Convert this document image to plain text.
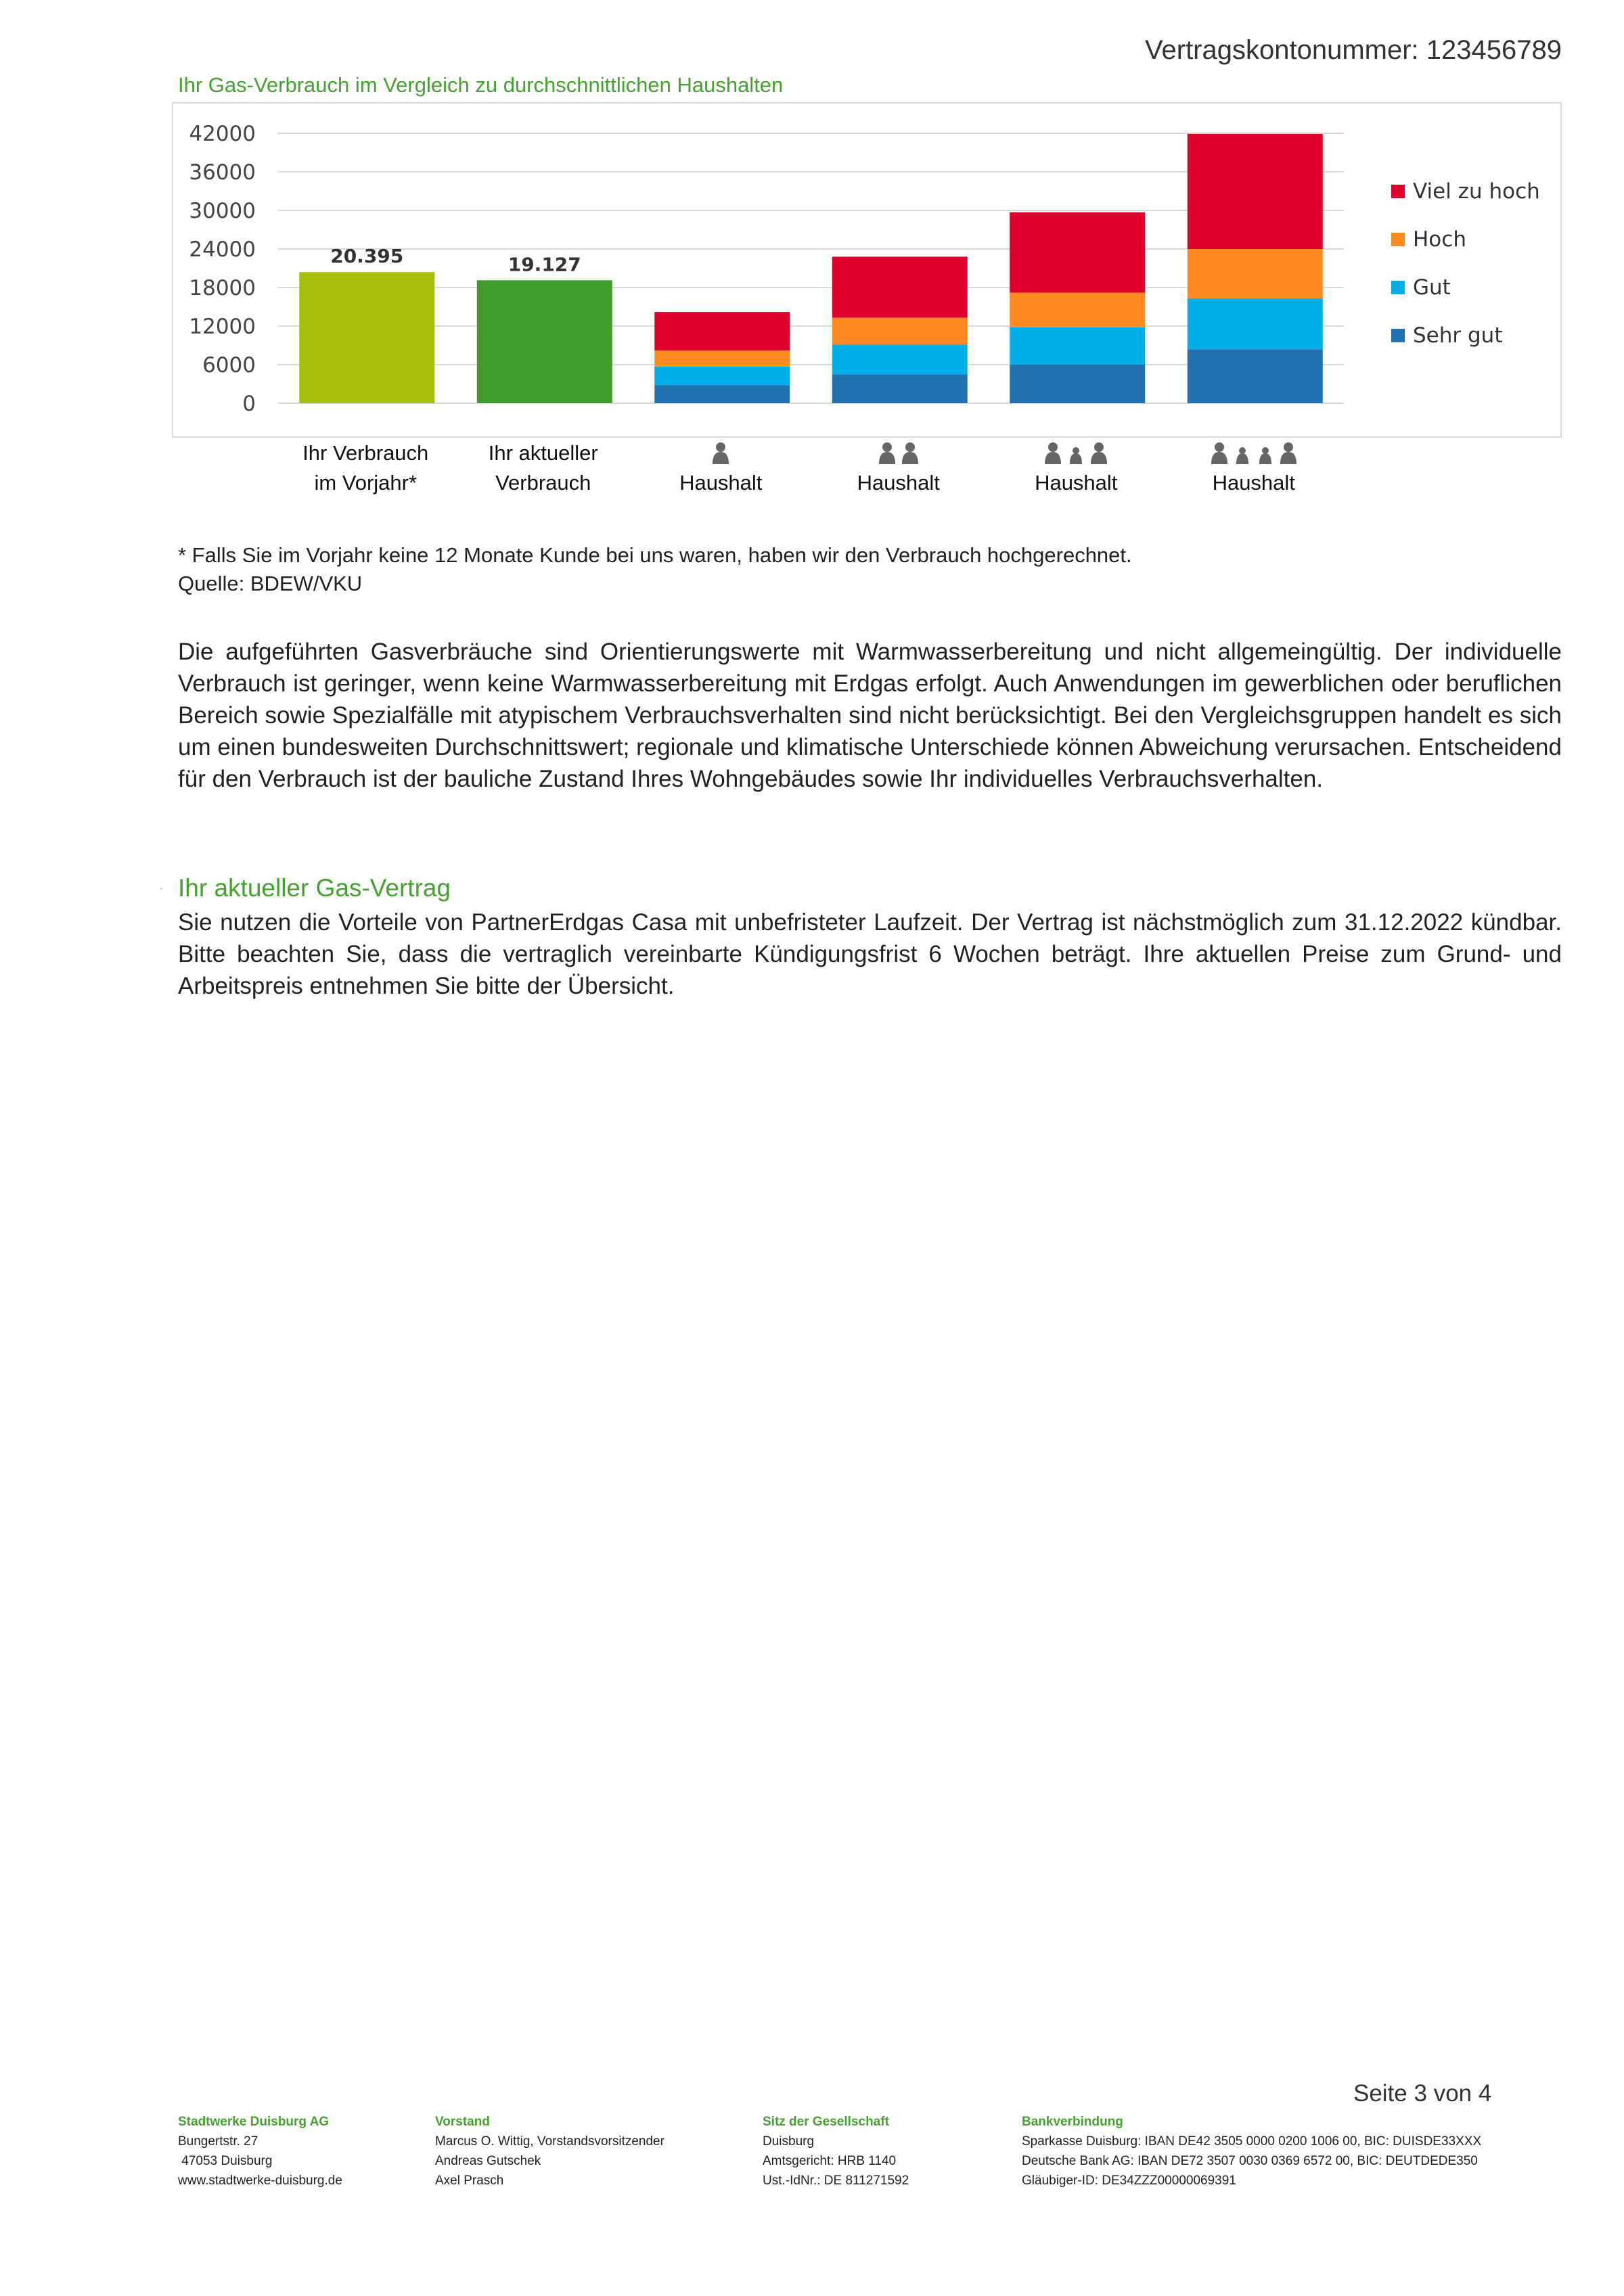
Vertragskontonummer: 123456789
Ihr Gas-Verbrauch im Vergleich zu durchschnittlichen Haushalten
0
6000
12000
18000
24000
30000
36000
42000
20.395	19.127
Viel zu hoch
Hoch
Gut
Sehr gut
Ihr Verbrauch
im Vorjahr*
Ihr aktueller
Verbrauch	Haushalt	Haushalt	Haushalt	Haushalt
* Falls Sie im Vorjahr keine 12 Monate Kunde bei uns waren, haben wir den Verbrauch hochgerechnet.
Quelle: BDEW/VKU
Die aufgeführten Gasverbräuche sind Orientierungswerte mit Warmwasserbereitung und nicht allgemeingültig. Der individuelle Verbrauch ist geringer, wenn keine Warmwasserbereitung mit Erdgas erfolgt. Auch Anwendungen im gewerblichen oder beruflichen Bereich sowie Spezialfälle mit atypischem Verbrauchsverhalten sind nicht berücksichtigt. Bei den Vergleichsgruppen handelt es sich um einen bundesweiten Durchschnittswert; regionale und klimatische Unterschiede können Abweichung verursachen. Entscheidend für den Verbrauch ist der bauliche Zustand Ihres Wohngebäudes sowie Ihr individuelles Verbrauchsverhalten.
· Ihr aktueller Gas-Vertrag
Sie nutzen die Vorteile von PartnerErdgas Casa mit unbefristeter Laufzeit. Der Vertrag ist nächstmöglich zum 31.12.2022 kündbar. Bitte beachten Sie, dass die vertraglich vereinbarte Kündigungsfrist 6 Wochen beträgt. Ihre aktuellen Preise zum Grund- und Arbeitspreis entnehmen Sie bitte der Übersicht.
Seite 3 von 4
Stadtwerke Duisburg AG
Bungertstr. 27
47053 Duisburg
www.stadtwerke-duisburg.de
Vorstand
Marcus O. Wittig, Vorstandsvorsitzender
Andreas Gutschek
Axel Prasch
Sitz der Gesellschaft
Duisburg
Amtsgericht: HRB 1140
Ust.-IdNr.: DE 811271592
Bankverbindung
Sparkasse Duisburg: IBAN DE42 3505 0000 0200 1006 00, BIC: DUISDE33XXX
Deutsche Bank AG: IBAN DE72 3507 0030 0369 6572 00, BIC: DEUTDEDE350
Gläubiger-ID: DE34ZZZ00000069391
